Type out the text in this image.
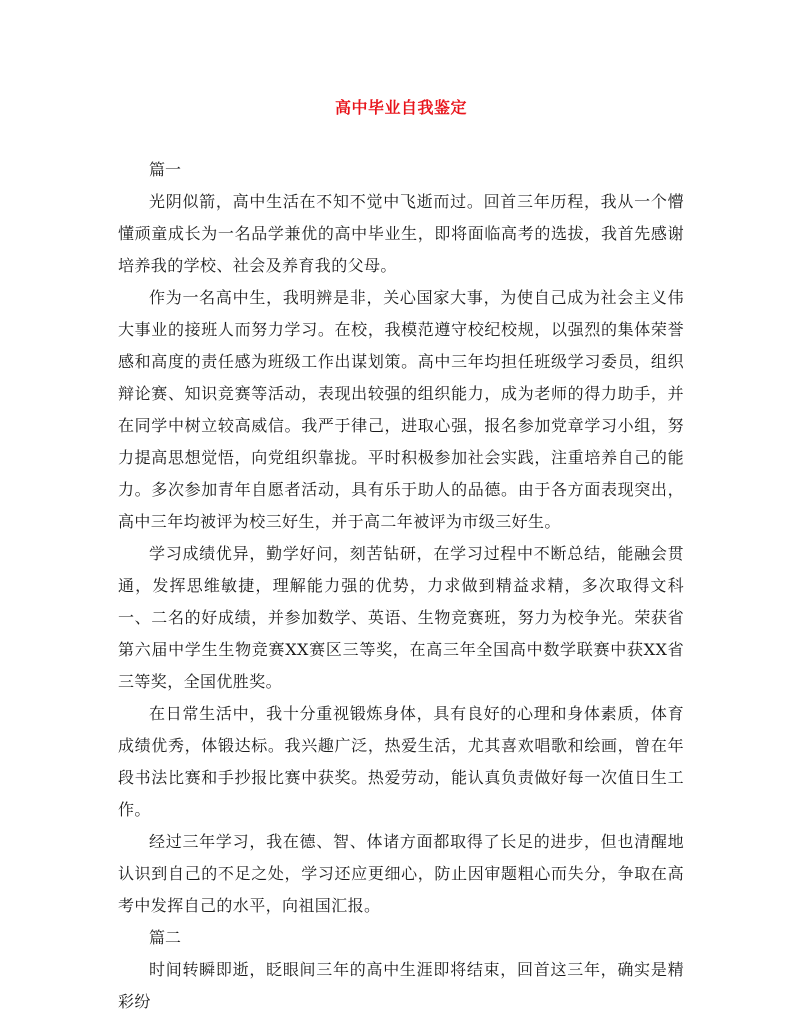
高中毕业自我鉴定

篇一

光阴似箭，高中生活在不知不觉中飞逝而过。回首三年历程，我从一个懵懂顽童成长为一名品学兼优的高中毕业生，即将面临高考的选拔，我首先感谢培养我的学校、社会及养育我的父母。

作为一名高中生，我明辨是非，关心国家大事，为使自己成为社会主义伟大事业的接班人而努力学习。在校，我模范遵守校纪校规，以强烈的集体荣誉感和高度的责任感为班级工作出谋划策。高中三年均担任班级学习委员，组织辩论赛、知识竞赛等活动，表现出较强的组织能力，成为老师的得力助手，并在同学中树立较高威信。我严于律己，进取心强，报名参加党章学习小组，努力提高思想觉悟，向党组织靠拢。平时积极参加社会实践，注重培养自己的能力。多次参加青年自愿者活动，具有乐于助人的品德。由于各方面表现突出，高中三年均被评为校三好生，并于高二年被评为市级三好生。

学习成绩优异，勤学好问，刻苦钻研，在学习过程中不断总结，能融会贯通，发挥思维敏捷，理解能力强的优势，力求做到精益求精，多次取得文科一、二名的好成绩，并参加数学、英语、生物竞赛班，努力为校争光。荣获省第六届中学生生物竞赛XX赛区三等奖，在高三年全国高中数学联赛中获XX省三等奖，全国优胜奖。

在日常生活中，我十分重视锻炼身体，具有良好的心理和身体素质，体育成绩优秀，体锻达标。我兴趣广泛，热爱生活，尤其喜欢唱歌和绘画，曾在年段书法比赛和手抄报比赛中获奖。热爱劳动，能认真负责做好每一次值日生工作。

经过三年学习，我在德、智、体诸方面都取得了长足的进步，但也清醒地认识到自己的不足之处，学习还应更细心，防止因审题粗心而失分，争取在高考中发挥自己的水平，向祖国汇报。

篇二

时间转瞬即逝，眨眼间三年的高中生涯即将结束，回首这三年，确实是精彩纷
